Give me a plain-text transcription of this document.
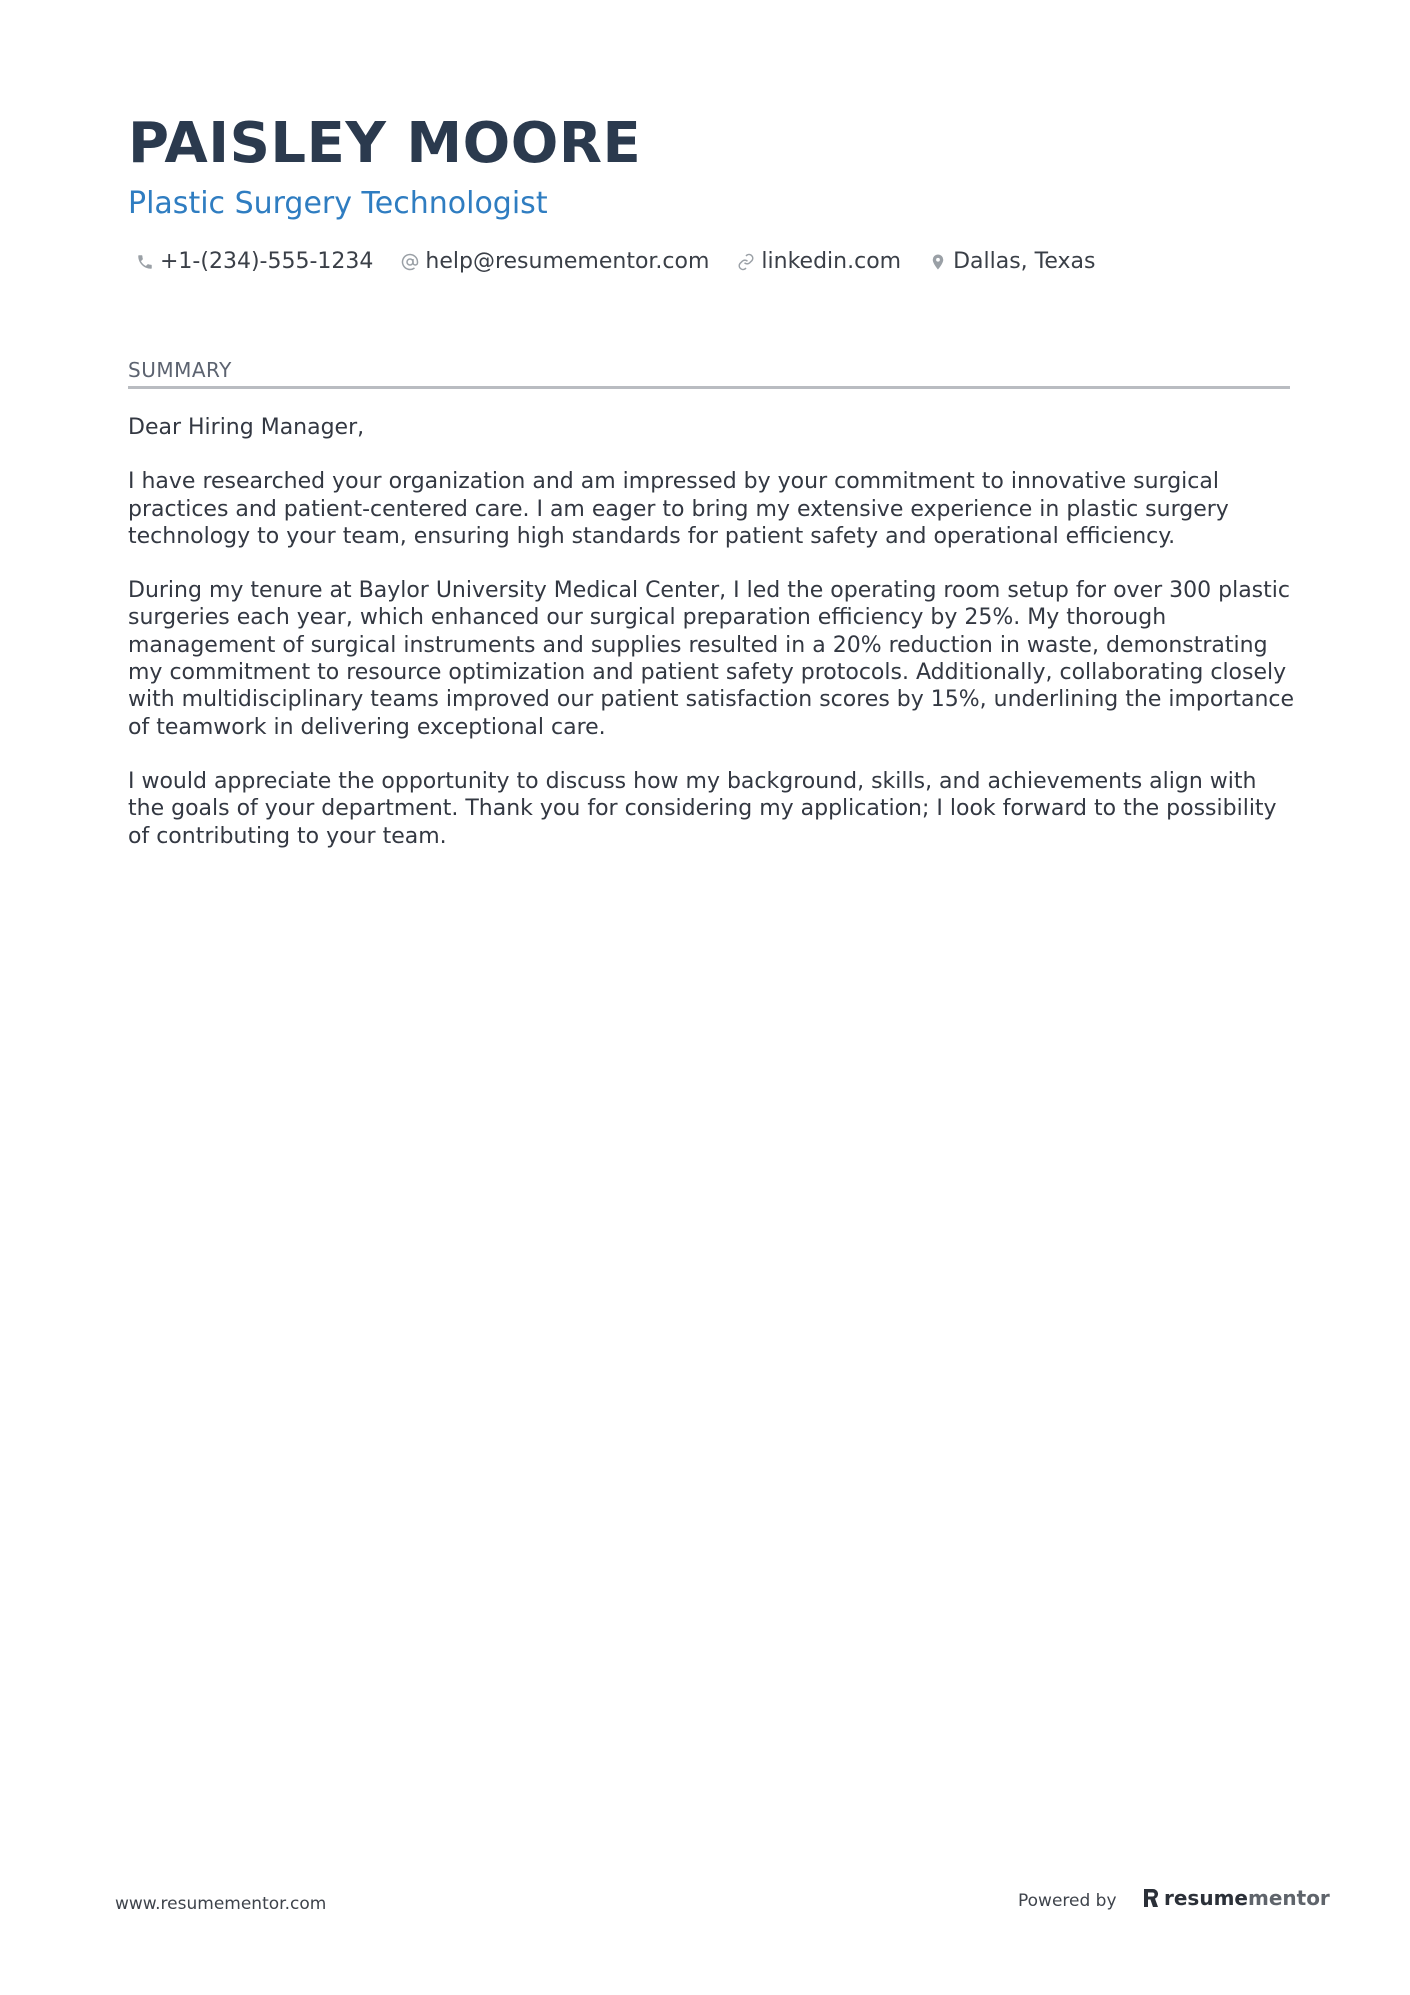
PAISLEY MOORE
Plastic Surgery Technologist
+1-(234)-555-1234 help@resumementor.com linkedin.com Dallas, Texas
SUMMARY

Dear Hiring Manager,

I have researched your organization and am impressed by your commitment to innovative surgical practices and patient-centered care. I am eager to bring my extensive experience in plastic surgery technology to your team, ensuring high standards for patient safety and operational efficiency.

During my tenure at Baylor University Medical Center, I led the operating room setup for over 300 plastic surgeries each year, which enhanced our surgical preparation efficiency by 25%. My thorough management of surgical instruments and supplies resulted in a 20% reduction in waste, demonstrating my commitment to resource optimization and patient safety protocols. Additionally, collaborating closely with multidisciplinary teams improved our patient satisfaction scores by 15%, underlining the importance of teamwork in delivering exceptional care.

I would appreciate the opportunity to discuss how my background, skills, and achievements align with the goals of your department. Thank you for considering my application; I look forward to the possibility of contributing to your team.

www.resumementor.com	Powered by resume mentor
